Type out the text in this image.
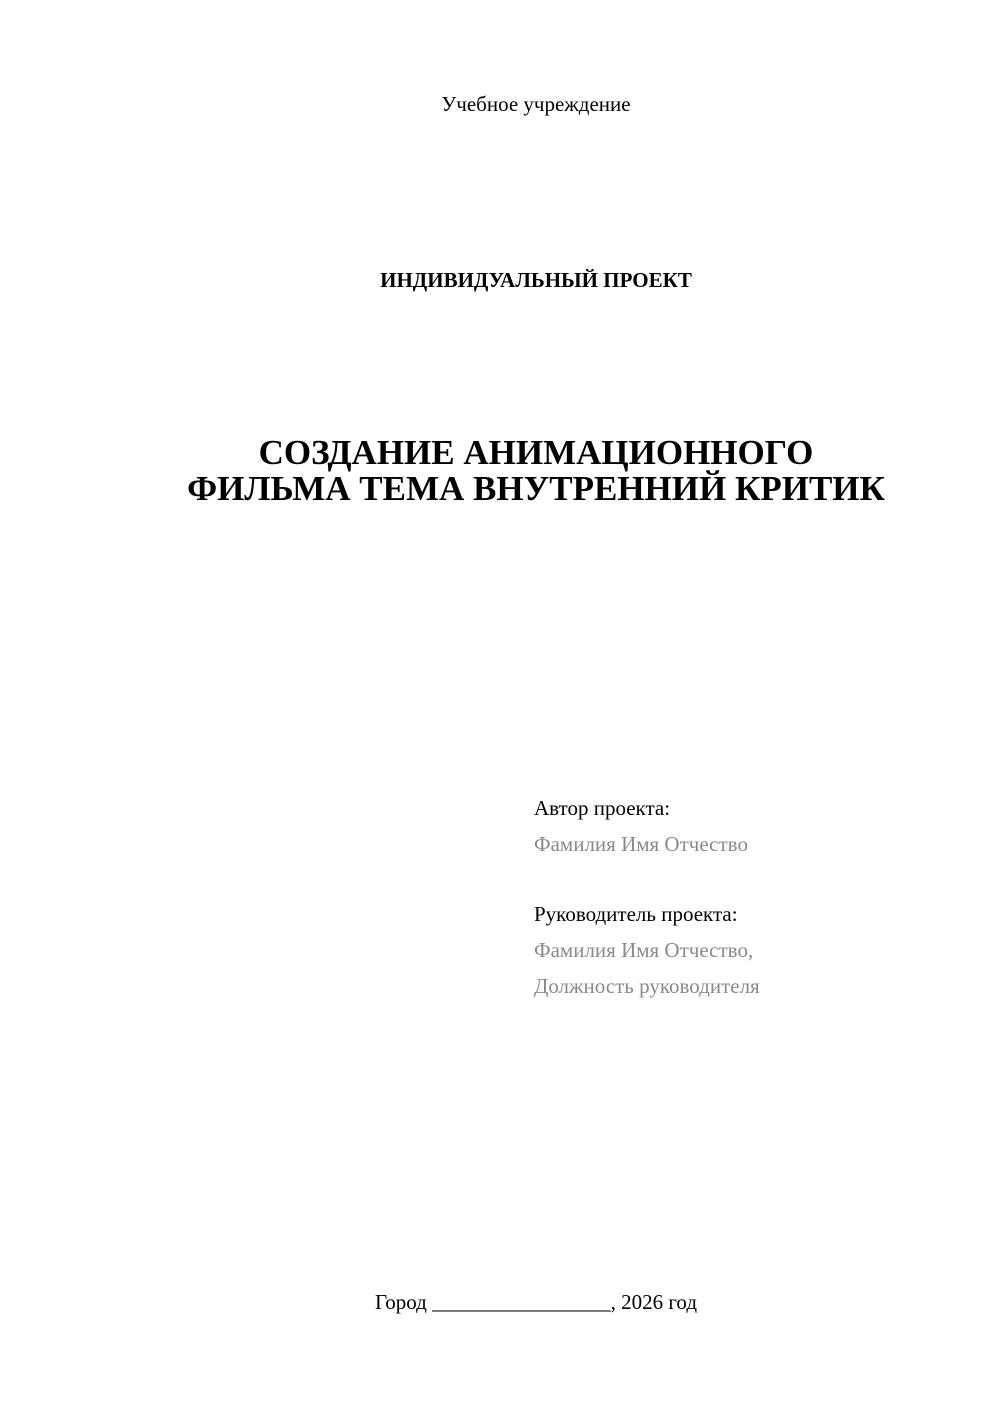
Учебное учреждение
ИНДИВИДУАЛЬНЫЙ ПРОЕКТ
СОЗДАНИЕ АНИМАЦИОННОГО
ФИЛЬМА ТЕМА ВНУТРЕННИЙ КРИТИК
Автор проекта:
Фамилия Имя Отчество
Руководитель проекта:
Фамилия Имя Отчество,
Должность руководителя
Город _________________, 2026 год
